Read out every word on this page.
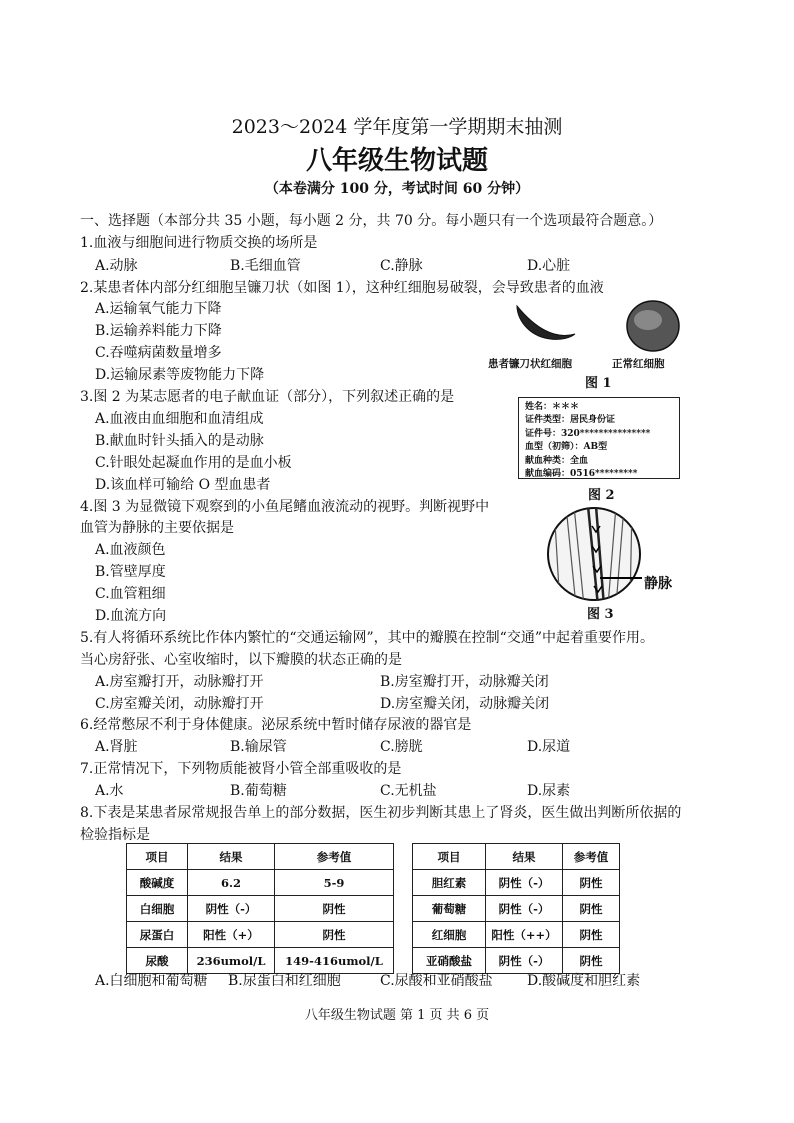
2023～2024 学年度第一学期期末抽测
八年级生物试题
（本卷满分 100 分，考试时间 60 分钟）
一、选择题（本部分共 35 小题，每小题 2 分，共 70 分。每小题只有一个选项最符合题意。）
1.血液与细胞间进行物质交换的场所是
A.动脉	B.毛细血管	C.静脉	D.心脏
2.某患者体内部分红细胞呈镰刀状（如图 1），这种红细胞易破裂，会导致患者的血液
A.运输氧气能力下降
B.运输养料能力下降
C.吞噬病菌数量增多
D.运输尿素等废物能力下降
患者镰刀状红细胞	正常红细胞
图 1
3.图 2 为某志愿者的电子献血证（部分），下列叙述正确的是
A.血液由血细胞和血清组成
B.献血时针头插入的是动脉
C.针眼处起凝血作用的是血小板
D.该血样可输给 O 型血患者
姓名：＊＊＊
证件类型：居民身份证
证件号：320***************
血型（初筛）：AB型
献血种类：全血
献血编码：0516*********
图 2
4.图 3 为显微镜下观察到的小鱼尾鳍血液流动的视野。判断视野中
血管为静脉的主要依据是
A.血液颜色
B.管壁厚度
C.血管粗细
D.血流方向
静脉
图 3
5.有人将循环系统比作体内繁忙的“交通运输网”，其中的瓣膜在控制“交通”中起着重要作用。
当心房舒张、心室收缩时，以下瓣膜的状态正确的是
A.房室瓣打开，动脉瓣打开	B.房室瓣打开，动脉瓣关闭
C.房室瓣关闭，动脉瓣打开	D.房室瓣关闭，动脉瓣关闭
6.经常憋尿不利于身体健康。泌尿系统中暂时储存尿液的器官是
A.肾脏	B.输尿管	C.膀胱	D.尿道
7.正常情况下，下列物质能被肾小管全部重吸收的是
A.水	B.葡萄糖	C.无机盐	D.尿素
8.下表是某患者尿常规报告单上的部分数据，医生初步判断其患上了肾炎，医生做出判断所依据的
检验指标是
项目	结果	参考值
酸碱度	6.2	5-9
白细胞	阴性（-）	阴性
尿蛋白	阳性（+）	阴性
尿酸	236umol/L	149-416umol/L
项目	结果	参考值
胆红素	阴性（-）	阴性
葡萄糖	阴性（-）	阴性
红细胞	阳性（++）	阴性
亚硝酸盐	阴性（-）	阴性
A.白细胞和葡萄糖 B.尿蛋白和红细胞	C.尿酸和亚硝酸盐 D.酸碱度和胆红素
八年级生物试题 第 1 页 共 6 页
